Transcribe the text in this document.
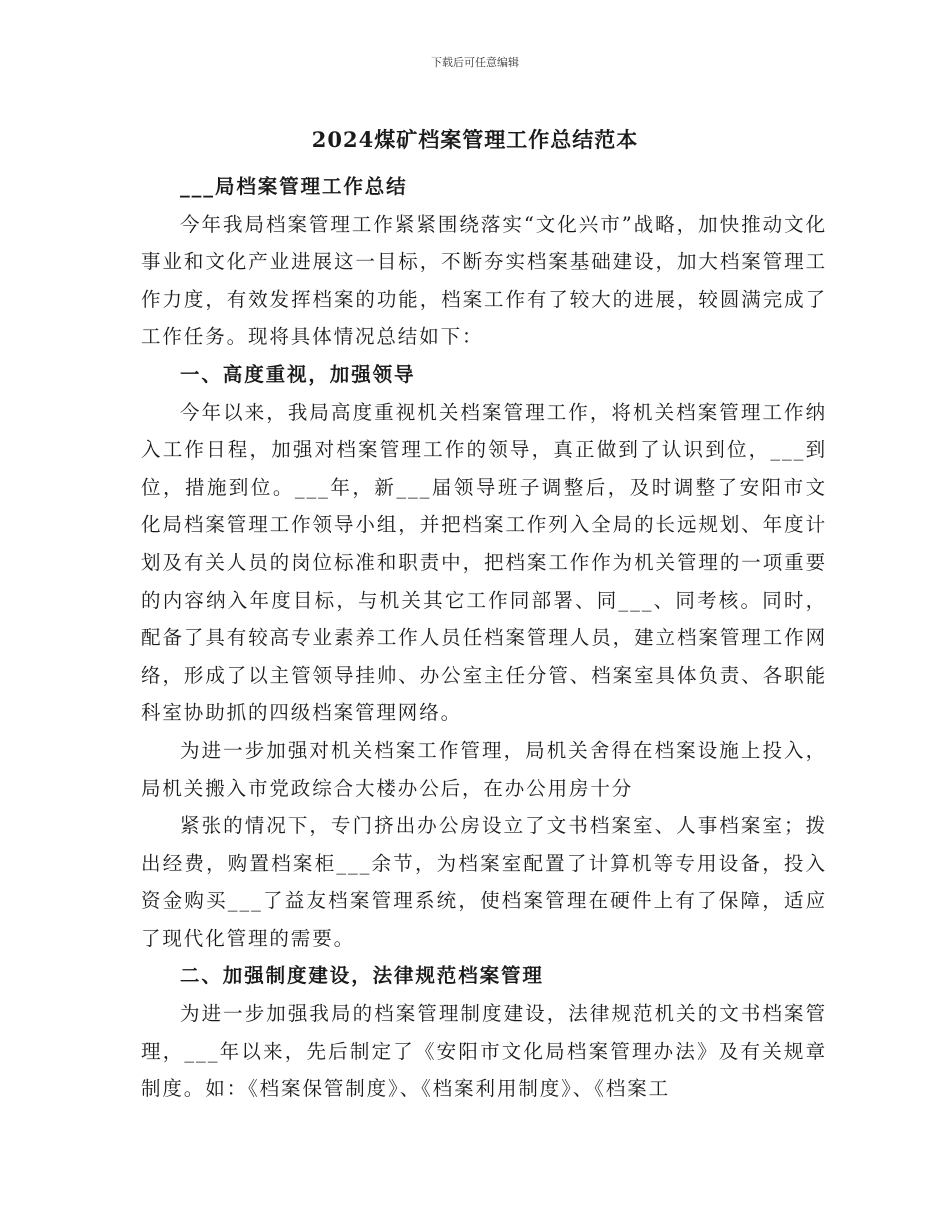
下载后可任意编辑
2024煤矿档案管理工作总结范本

___局档案管理工作总结

今年我局档案管理工作紧紧围绕落实“文化兴市”战略，加快推动文化事业和文化产业进展这一目标，不断夯实档案基础建设，加大档案管理工作力度，有效发挥档案的功能，档案工作有了较大的进展，较圆满完成了工作任务。现将具体情况总结如下：

一、高度重视，加强领导

今年以来，我局高度重视机关档案管理工作，将机关档案管理工作纳入工作日程，加强对档案管理工作的领导，真正做到了认识到位，___到位，措施到位。___年，新___届领导班子调整后，及时调整了安阳市文化局档案管理工作领导小组，并把档案工作列入全局的长远规划、年度计划及有关人员的岗位标准和职责中，把档案工作作为机关管理的一项重要的内容纳入年度目标，与机关其它工作同部署、同___、同考核。同时，配备了具有较高专业素养工作人员任档案管理人员，建立档案管理工作网络，形成了以主管领导挂帅、办公室主任分管、档案室具体负责、各职能科室协助抓的四级档案管理网络。

为进一步加强对机关档案工作管理，局机关舍得在档案设施上投入，局机关搬入市党政综合大楼办公后，在办公用房十分

紧张的情况下，专门挤出办公房设立了文书档案室、人事档案室；拨出经费，购置档案柜___余节，为档案室配置了计算机等专用设备，投入资金购买___了益友档案管理系统，使档案管理在硬件上有了保障，适应了现代化管理的需要。

二、加强制度建设，法律规范档案管理

为进一步加强我局的档案管理制度建设，法律规范机关的文书档案管理，___年以来，先后制定了《安阳市文化局档案管理办法》及有关规章制度。如：《档案保管制度》、《档案利用制度》、《档案工
